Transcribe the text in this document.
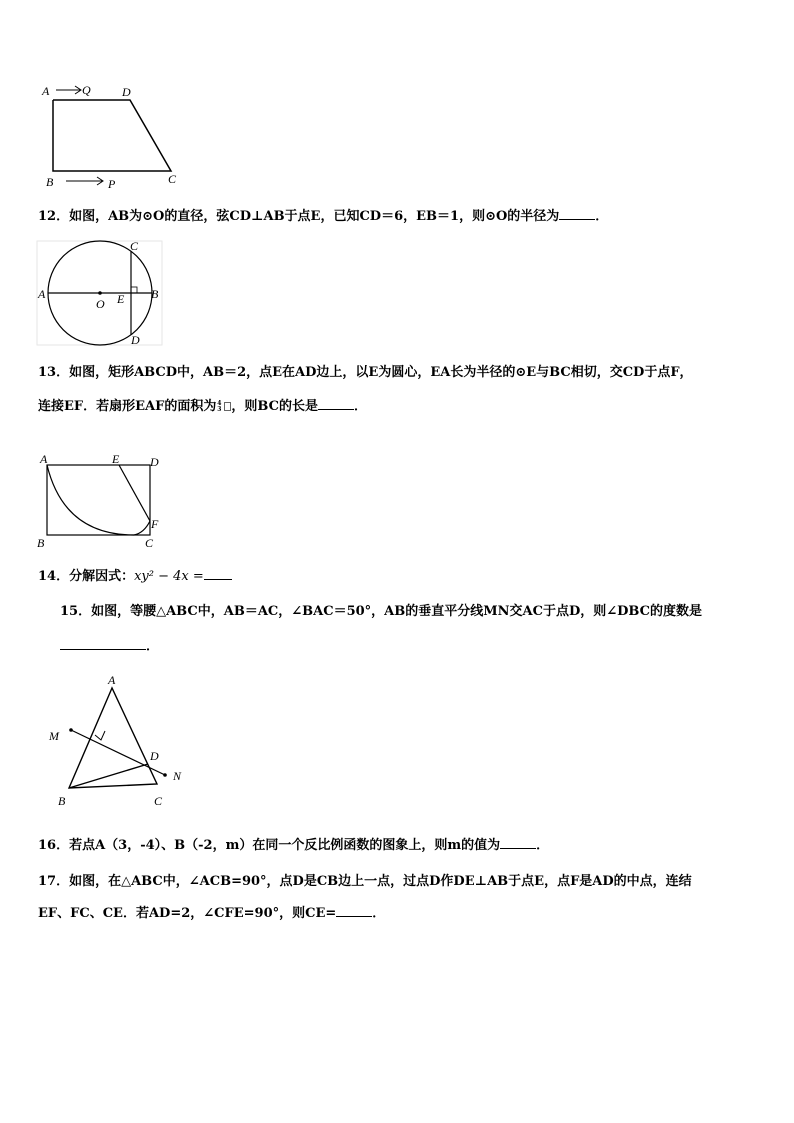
A	Q	D
B	P	C
12．如图，AB为⊙O的直径，弦CD⊥AB于点E，已知CD＝6，EB＝1，则⊙O的半径为	．
A
O E B
C
D
13．如图，矩形ABCD中，AB＝2，点E在AD边上，以E为圆心，EA长为半径的⊙E与BC相切，交CD于点F，
连接EF．若扇形EAF的面积为4
3 ，则BC的长是	．
A	E	D
F
B	C
14．分解因式：xy² − 4x =
15．如图，等腰△ABC中，AB＝AC，∠BAC＝50°，AB的垂直平分线MN交AC于点D，则∠DBC的度数是
．
A
M
D
N
B	C
16．若点A（3，-4）、B（-2，m）在同一个反比例函数的图象上，则m的值为	．
17．如图，在△ABC中，∠ACB=90°，点D是CB边上一点，过点D作DE⊥AB于点E，点F是AD的中点，连结
EF、FC、CE．若AD=2，∠CFE=90°，则CE=	．
